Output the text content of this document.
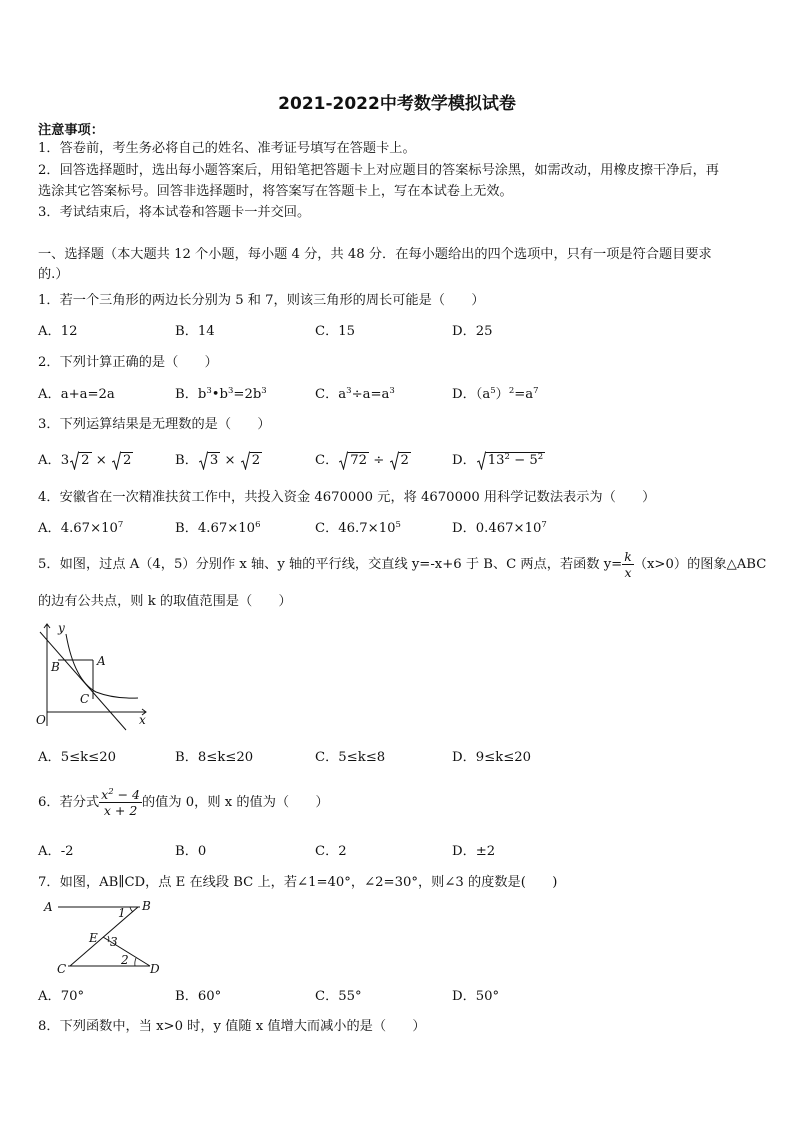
2021-2022中考数学模拟试卷
注意事项：
1．答卷前，考生务必将自己的姓名、准考证号填写在答题卡上。
2．回答选择题时，选出每小题答案后，用铅笔把答题卡上对应题目的答案标号涂黑，如需改动，用橡皮擦干净后，再
选涂其它答案标号。回答非选择题时，将答案写在答题卡上，写在本试卷上无效。
3．考试结束后，将本试卷和答题卡一并交回。
一、选择题（本大题共 12 个小题，每小题 4 分，共 48 分．在每小题给出的四个选项中，只有一项是符合题目要求
的.）
1．若一个三角形的两边长分别为 5 和 7，则该三角形的周长可能是（　　）
A．12	B．14	C．15	D．25
2．下列计算正确的是（　　）
A．a+a=2a	B．$b^3•b^3=2b^3$	C．$a^3\div a=a^3$	D．$(a^5)^2=a^7$
3．下列运算结果是无理数的是（　　）
A．3 2 × 2	B． 3 × 2	C． 72 ÷ 2	D． $13^2 - 5^2$
4．安徽省在一次精准扶贫工作中，共投入资金 4670000 元，将 4670000 用科学记数法表示为（　　）
A．$4.67\times 10^7$	B．$4.67\times 10^6$	C．$46.7\times 10^5$	D．$0.467\times 10^7$
5．如图，过点 A（4，5）分别作 x 轴、y 轴的平行线，交直线 y=-x+6 于 B、C 两点，若函数 $y= \frac{k}{x} (x>0)$的图象△ABC
的边有公共点，则 k 的取值范围是（　　）
y
x
O
A
B
C
A．5≤k≤20	B．8≤k≤20	C．5≤k≤8	D．9≤k≤20
6．若分式 $\frac{x^2 - 4}{x + 2}$ 的值为 0，则 x 的值为（　　）
A．-2	B．0	C．2	D．±2
7．如图，AB∥CD，点 E 在线段 BC 上，若∠1=40°，∠2=30°，则∠3 的度数是(　　)
A	B
C	D
E
1
2
3
A．70°	B．60°	C．55°	D．50°
8．下列函数中，当 x>0 时，y 值随 x 值增大而减小的是（　　）
